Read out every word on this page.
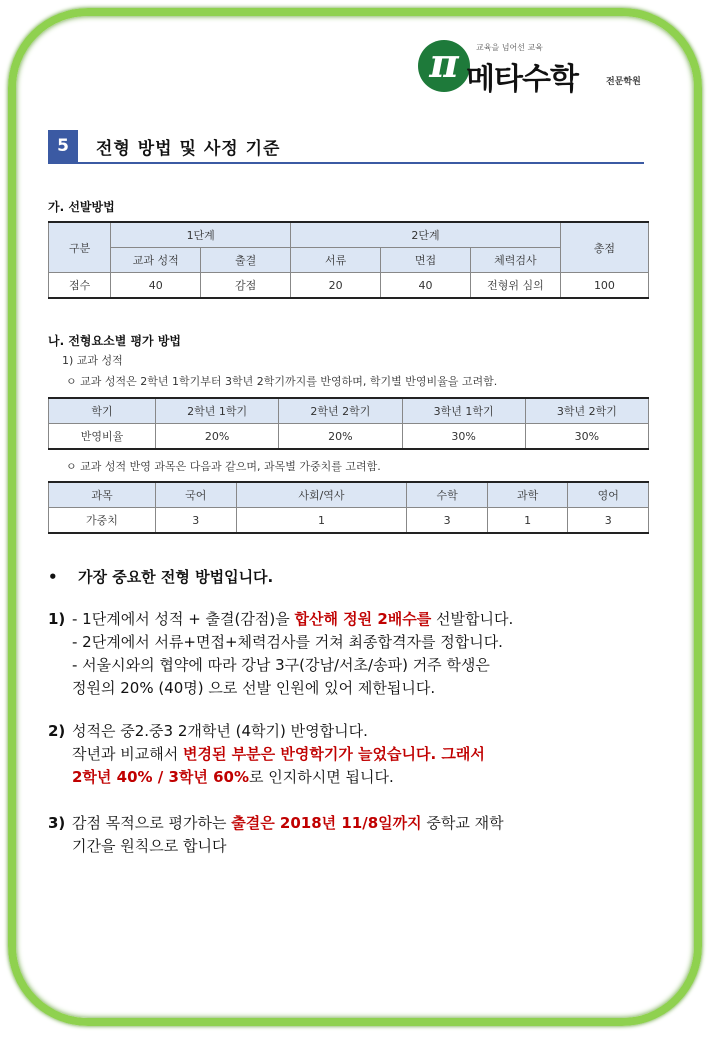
π	교육을 넘어선 교육
메타수학	전문학원
5	전형 방법 및 사정 기준
가. 선발방법
구분	1단계		2단계			총점
	교과 성적	출결	서류	면접	체력검사	
점수	40	감점	20	40	전형위 심의	100
나. 전형요소별 평가 방법
1) 교과 성적
ㅇ 교과 성적은 2학년 1학기부터 3학년 2학기까지를 반영하며, 학기별 반영비율을 고려함.
학기	2학년 1학기	2학년 2학기	3학년 1학기	3학년 2학기
반영비율	20%	20%	30%	30%
ㅇ 교과 성적 반영 과목은 다음과 같으며, 과목별 가중치를 고려함.
과목	국어	사회/역사	수학	과학	영어
가중치	3	1	3	1	3
• 가장 중요한 전형 방법입니다.
1) - 1단계에서 성적 + 출결(감점)을 합산해 정원 2배수를 선발합니다.
- 2단계에서 서류+면접+체력검사를 거쳐 최종합격자를 정합니다.
- 서울시와의 협약에 따라 강남 3구(강남/서초/송파) 거주 학생은
정원의 20% (40명) 으로 선발 인원에 있어 제한됩니다.
2) 성적은 중2.중3 2개학년 (4학기) 반영합니다.
작년과 비교해서 변경된 부분은 반영학기가 늘었습니다. 그래서
2학년 40% / 3학년 60%로 인지하시면 됩니다.
3) 감점 목적으로 평가하는 출결은 2018년 11/8일까지 중학교 재학
기간을 원칙으로 합니다
